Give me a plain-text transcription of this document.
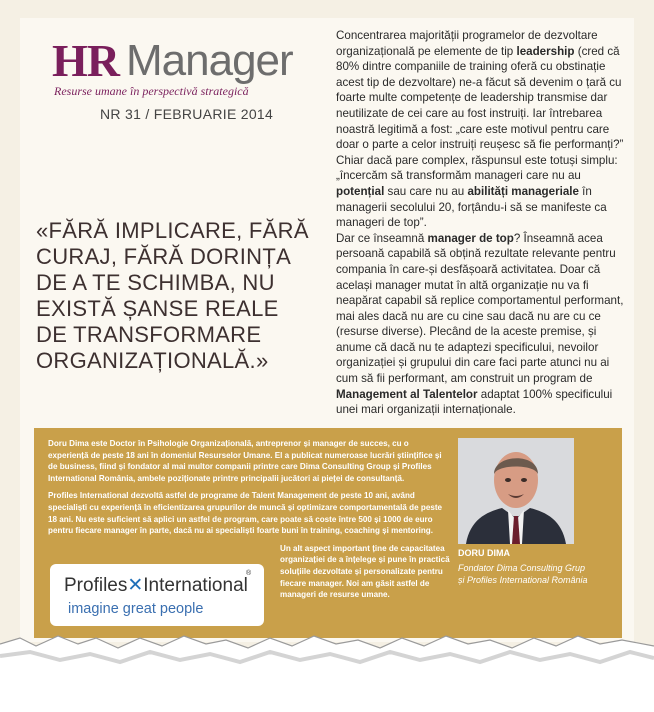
HR Manager
Resurse umane în perspectivă strategică
NR 31 / FEBRUARIE 2014
«FĂRĂ IMPLICARE, FĂRĂ
CURAJ, FĂRĂ DORINȚA
DE A TE SCHIMBA, NU
EXISTĂ ȘANSE REALE
DE TRANSFORMARE
ORGANIZAȚIONALĂ.»

Concentrarea majorității programelor de dezvoltare organizațională pe elemente de tip leadership (cred că 80% dintre companiile de training oferă cu obstinație acest tip de dezvoltare) ne-a făcut să devenim o țară cu foarte multe competențe de leadership transmise dar neutilizate de cei care au fost instruiți. Iar întrebarea noastră legitimă a fost: „care este motivul pentru care doar o parte a celor instruiți reușesc să fie performanți?”

Chiar dacă pare complex, răspunsul este totuși simplu: „încercăm să transformăm manageri care nu au potențial sau care nu au abilități manageriale în managerii secolului 20, forțându-i să se manifeste ca manageri de top”.

Dar ce înseamnă manager de top? Înseamnă acea persoană capabilă să obțină rezultate relevante pentru compania în care-și desfășoară activitatea. Doar că același manager mutat în altă organizație nu va fi neapărat capabil să replice comportamentul performant, mai ales dacă nu are cu cine sau dacă nu are cu ce (resurse diverse). Plecând de la aceste premise, și anume că dacă nu te adaptezi specificului, nevoilor organizației și grupului din care faci parte atunci nu ai cum să fii performant, am construit un program de Management al Talentelor adaptat 100% specificului unei mari organizații internaționale.

Doru Dima este Doctor în Psihologie Organizațională, antreprenor și manager de succes, cu o experiență de peste 18 ani în domeniul Resurselor Umane. El a publicat numeroase lucrări științifice și de business, fiind și fondator al mai multor companii printre care Dima Consulting Group și Profiles International România, ambele poziționate printre principalii jucători ai pieței de consultanță.

Profiles International dezvoltă astfel de programe de Talent Management de peste 10 ani, având specialiști cu experiență în eficientizarea grupurilor de muncă și optimizare comportamentală de peste 18 ani. Nu este suficient să aplici un astfel de program, care poate să coste între 500 și 1000 de euro pentru fiecare manager în parte, dacă nu ai specialiști foarte buni în training, coaching și mentoring.

Un alt aspect important ține de capacitatea organizației de a înțelege și pune în practică soluțiile dezvoltate și personalizate pentru fiecare manager. Noi am găsit astfel de manageri de resurse umane.

Profiles✕International
®
imagine great people
DORU DIMA
Fondator Dima Consulting Grup
și Profiles International România
